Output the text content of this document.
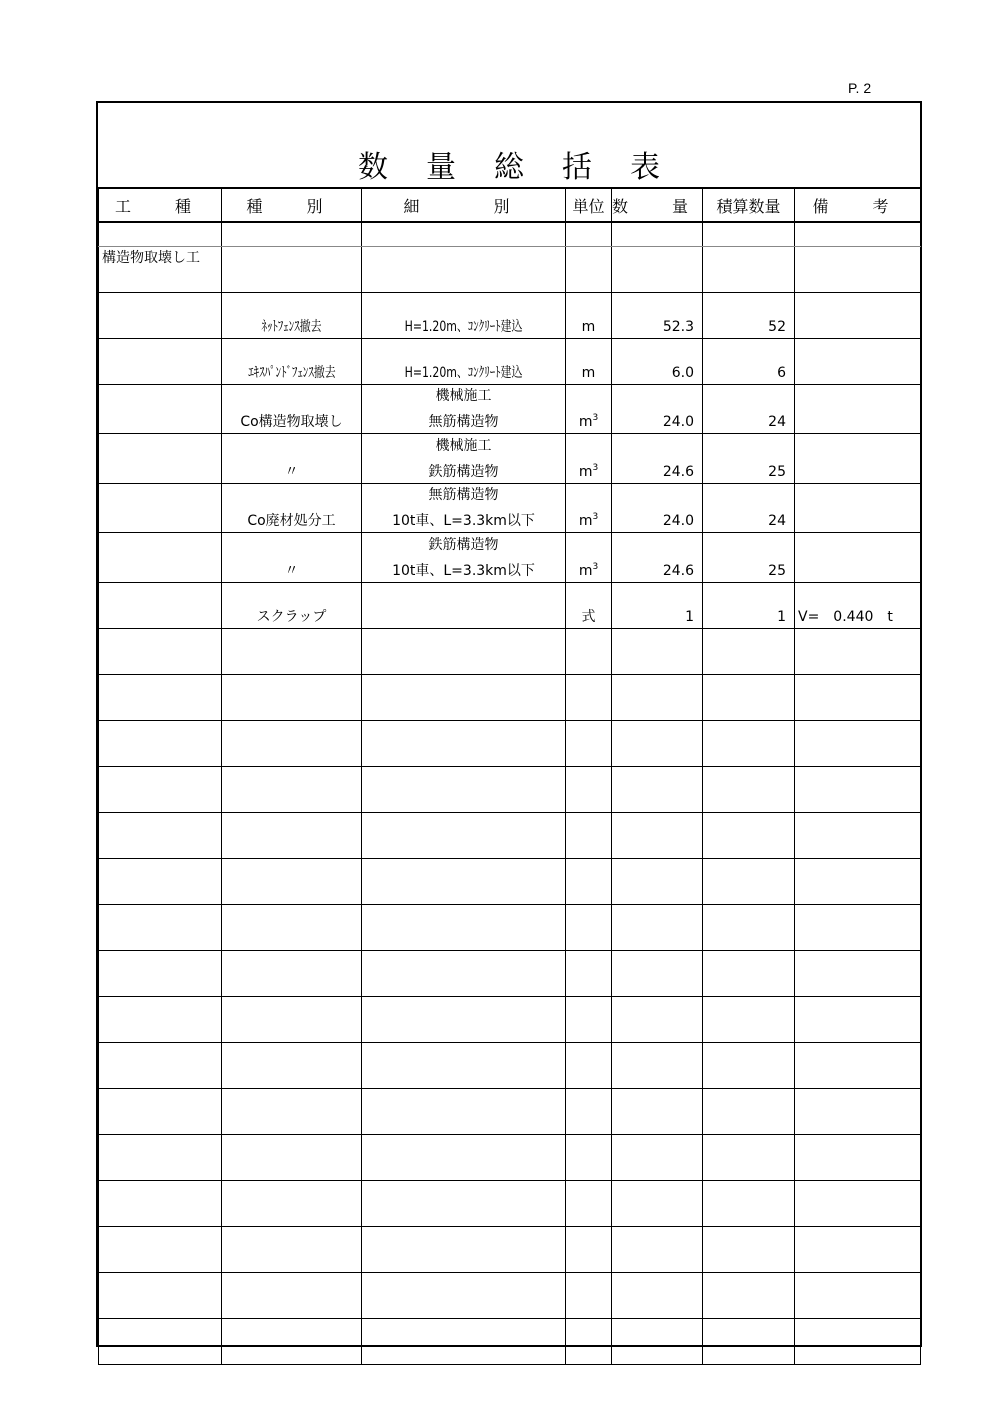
P. 2
数量総括表
工　種	種　別	細　　別	単位	数　量	積算数量	備　考

構造物取壊し工						

	ﾈｯﾄﾌｪﾝｽ撤去	H=1.20m、ｺﾝｸﾘｰﾄ建込	m	52.3	52	

	ｴｷｽﾊﾟﾝﾄﾞﾌｪﾝｽ撤去	H=1.20m、ｺﾝｸﾘｰﾄ建込	m	6.0	6	
		機械施工				
	Co構造物取壊し	無筋構造物	$m^3$	24.0	24	
		機械施工				
	〃	鉄筋構造物	$m^3$	24.6	25	
		無筋構造物				
	Co廃材処分工	10t車、L=3.3km以下	$m^3$	24.0	24	
		鉄筋構造物				
	〃	10t車、L=3.3km以下	$m^3$	24.6	25	

	スクラップ		式	1	1	V=　0.440　t
